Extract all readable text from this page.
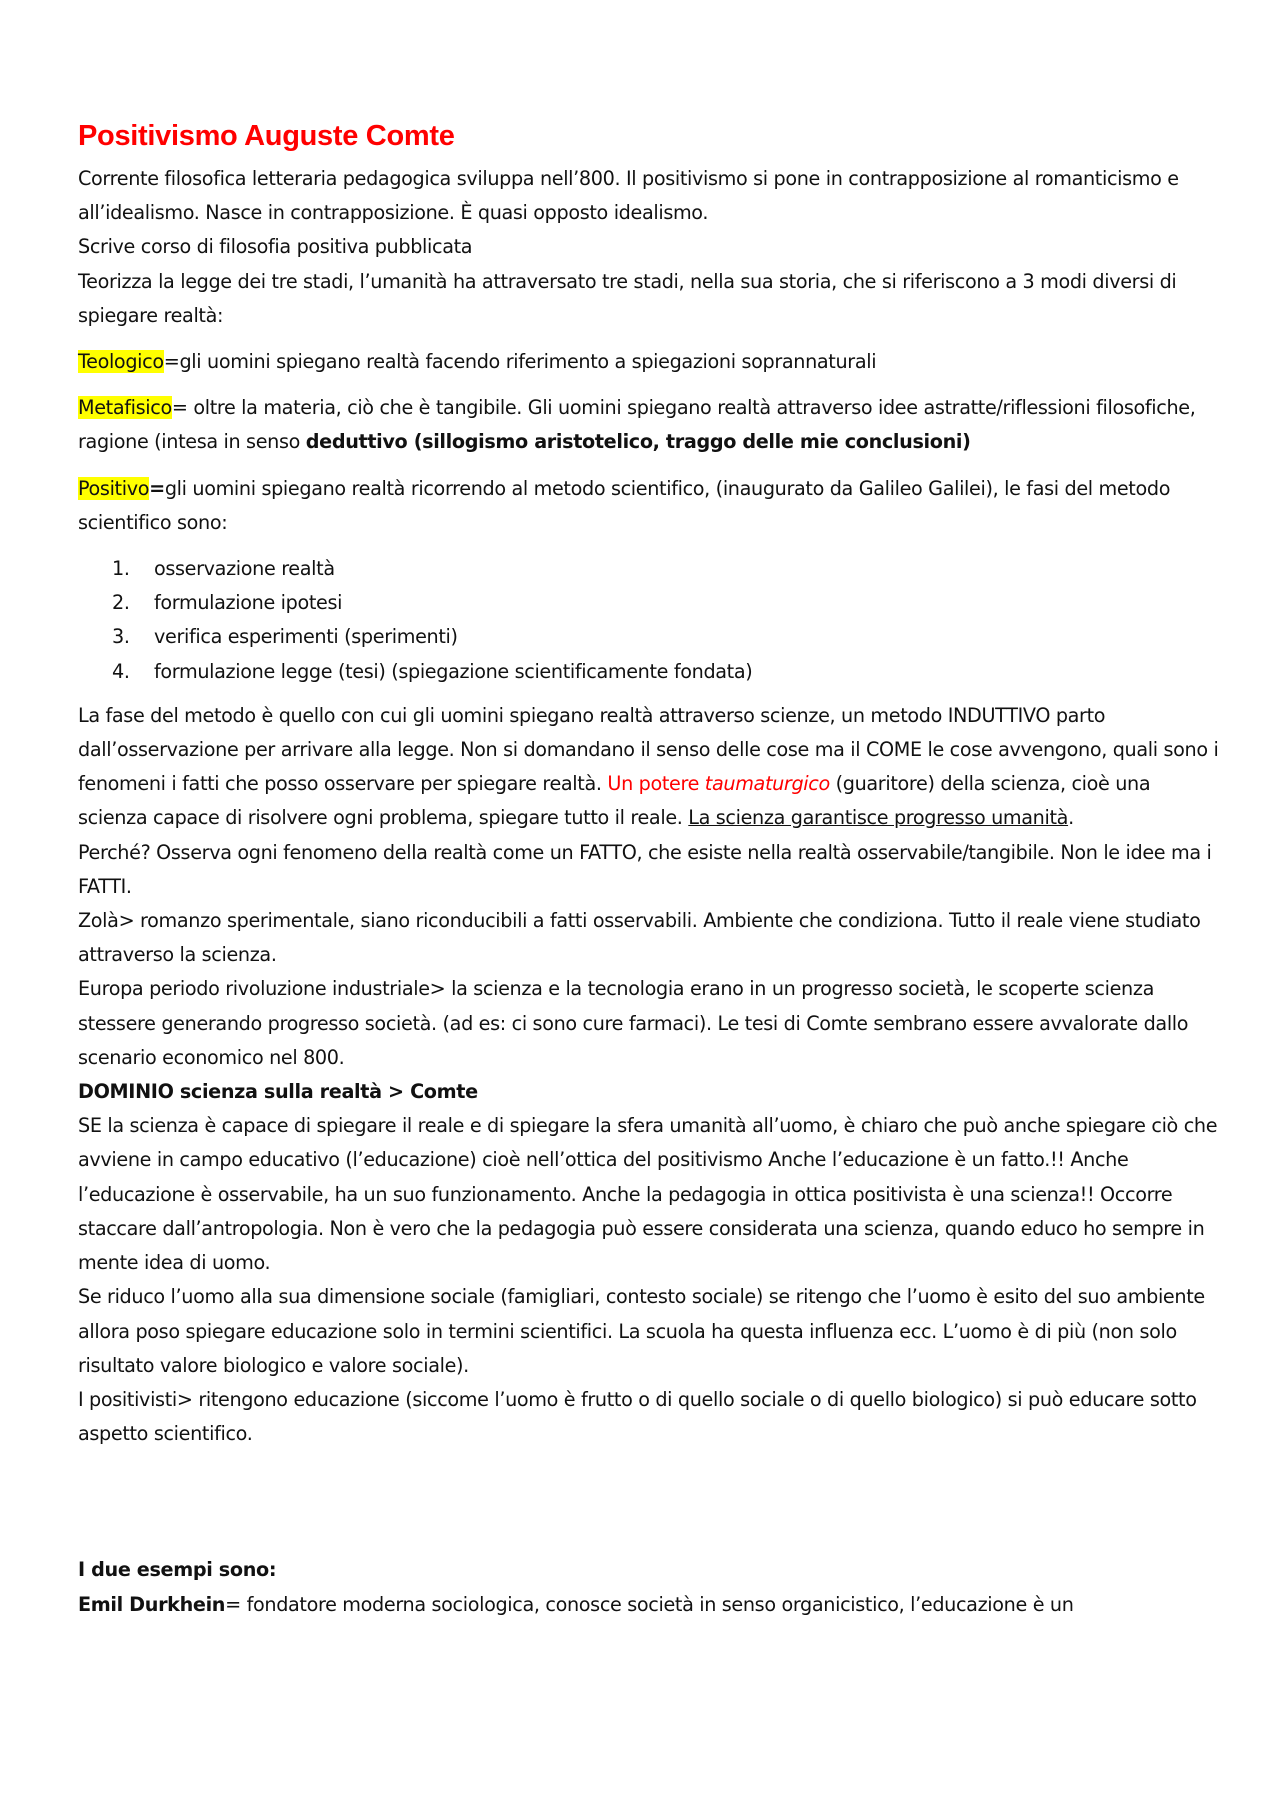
Positivismo Auguste Comte

Corrente filosofica letteraria pedagogica sviluppa nell’800. Il positivismo si pone in contrapposizione al romanticismo e all’idealismo. Nasce in contrapposizione. È quasi opposto idealismo.

Scrive corso di filosofia positiva pubblicata

Teorizza la legge dei tre stadi, l’umanità ha attraversato tre stadi, nella sua storia, che si riferiscono a 3 modi diversi di spiegare realtà:

Teologico=gli uomini spiegano realtà facendo riferimento a spiegazioni soprannaturali

Metafisico= oltre la materia, ciò che è tangibile. Gli uomini spiegano realtà attraverso idee astratte/riflessioni filosofiche, ragione (intesa in senso deduttivo (sillogismo aristotelico, traggo delle mie conclusioni)

Positivo=gli uomini spiegano realtà ricorrendo al metodo scientifico, (inaugurato da Galileo Galilei), le fasi del metodo scientifico sono:

1.	osservazione realtà
2.	formulazione ipotesi
3.	verifica esperimenti (sperimenti)
4.	formulazione legge (tesi) (spiegazione scientificamente fondata)

La fase del metodo è quello con cui gli uomini spiegano realtà attraverso scienze, un metodo INDUTTIVO parto dall’osservazione per arrivare alla legge. Non si domandano il senso delle cose ma il COME le cose avvengono, quali sono i fenomeni i fatti che posso osservare per spiegare realtà. Un potere taumaturgico (guaritore) della scienza, cioè una scienza capace di risolvere ogni problema, spiegare tutto il reale. La scienza garantisce progresso umanità.

Perché? Osserva ogni fenomeno della realtà come un FATTO, che esiste nella realtà osservabile/tangibile. Non le idee ma i FATTI.

Zolà> romanzo sperimentale, siano riconducibili a fatti osservabili. Ambiente che condiziona. Tutto il reale viene studiato attraverso la scienza.

Europa periodo rivoluzione industriale> la scienza e la tecnologia erano in un progresso società, le scoperte scienza stessere generando progresso società. (ad es: ci sono cure farmaci). Le tesi di Comte sembrano essere avvalorate dallo scenario economico nel 800.

DOMINIO scienza sulla realtà > Comte

SE la scienza è capace di spiegare il reale e di spiegare la sfera umanità all’uomo, è chiaro che può anche spiegare ciò che avviene in campo educativo (l’educazione) cioè nell’ottica del positivismo Anche l’educazione è un fatto.!! Anche l’educazione è osservabile, ha un suo funzionamento. Anche la pedagogia in ottica positivista è una scienza!! Occorre staccare dall’antropologia. Non è vero che la pedagogia può essere considerata una scienza, quando educo ho sempre in mente idea di uomo.

Se riduco l’uomo alla sua dimensione sociale (famigliari, contesto sociale) se ritengo che l’uomo è esito del suo ambiente allora poso spiegare educazione solo in termini scientifici. La scuola ha questa influenza ecc. L’uomo è di più (non solo risultato valore biologico e valore sociale).

I positivisti> ritengono educazione (siccome l’uomo è frutto o di quello sociale o di quello biologico) si può educare sotto aspetto scientifico.

I due esempi sono:

Emil Durkhein= fondatore moderna sociologica, conosce società in senso organicistico, l’educazione è un
